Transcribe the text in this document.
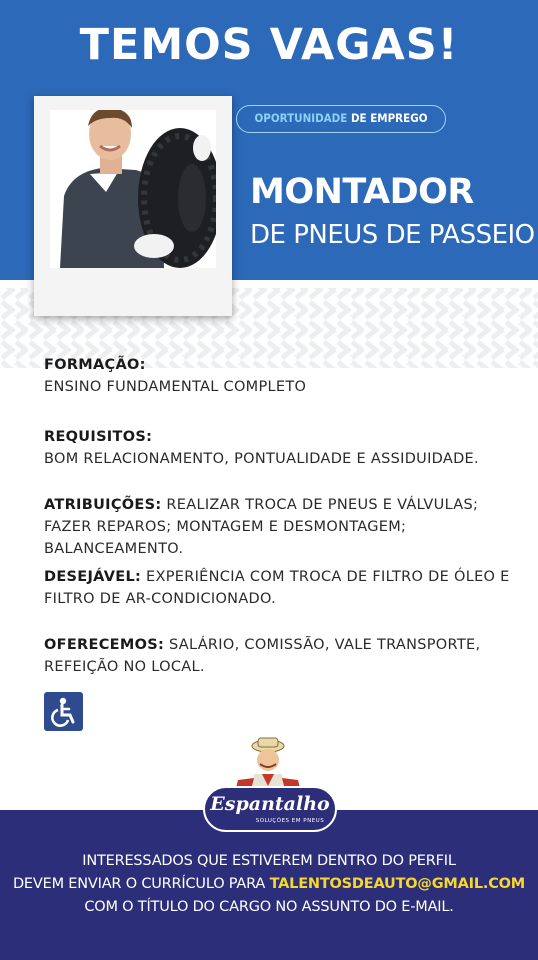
TEMOS VAGAS!
OPORTUNIDADE DE EMPREGO
MONTADOR
DE PNEUS DE PASSEIO
FORMAÇÃO:
ENSINO FUNDAMENTAL COMPLETO
REQUISITOS:
BOM RELACIONAMENTO, PONTUALIDADE E ASSIDUIDADE.
ATRIBUIÇÕES: REALIZAR TROCA DE PNEUS E VÁLVULAS; FAZER REPAROS; MONTAGEM E DESMONTAGEM; BALANCEAMENTO.
DESEJÁVEL: EXPERIÊNCIA COM TROCA DE FILTRO DE ÓLEO E FILTRO DE AR-CONDICIONADO.
OFERECEMOS: SALÁRIO, COMISSÃO, VALE TRANSPORTE, REFEIÇÃO NO LOCAL.
Espantalho
SOLUÇÕES EM PNEUS
INTERESSADOS QUE ESTIVEREM DENTRO DO PERFIL
DEVEM ENVIAR O CURRÍCULO PARA TALENTOSDEAUTO@GMAIL.COM
COM O TÍTULO DO CARGO NO ASSUNTO DO E-MAIL.
